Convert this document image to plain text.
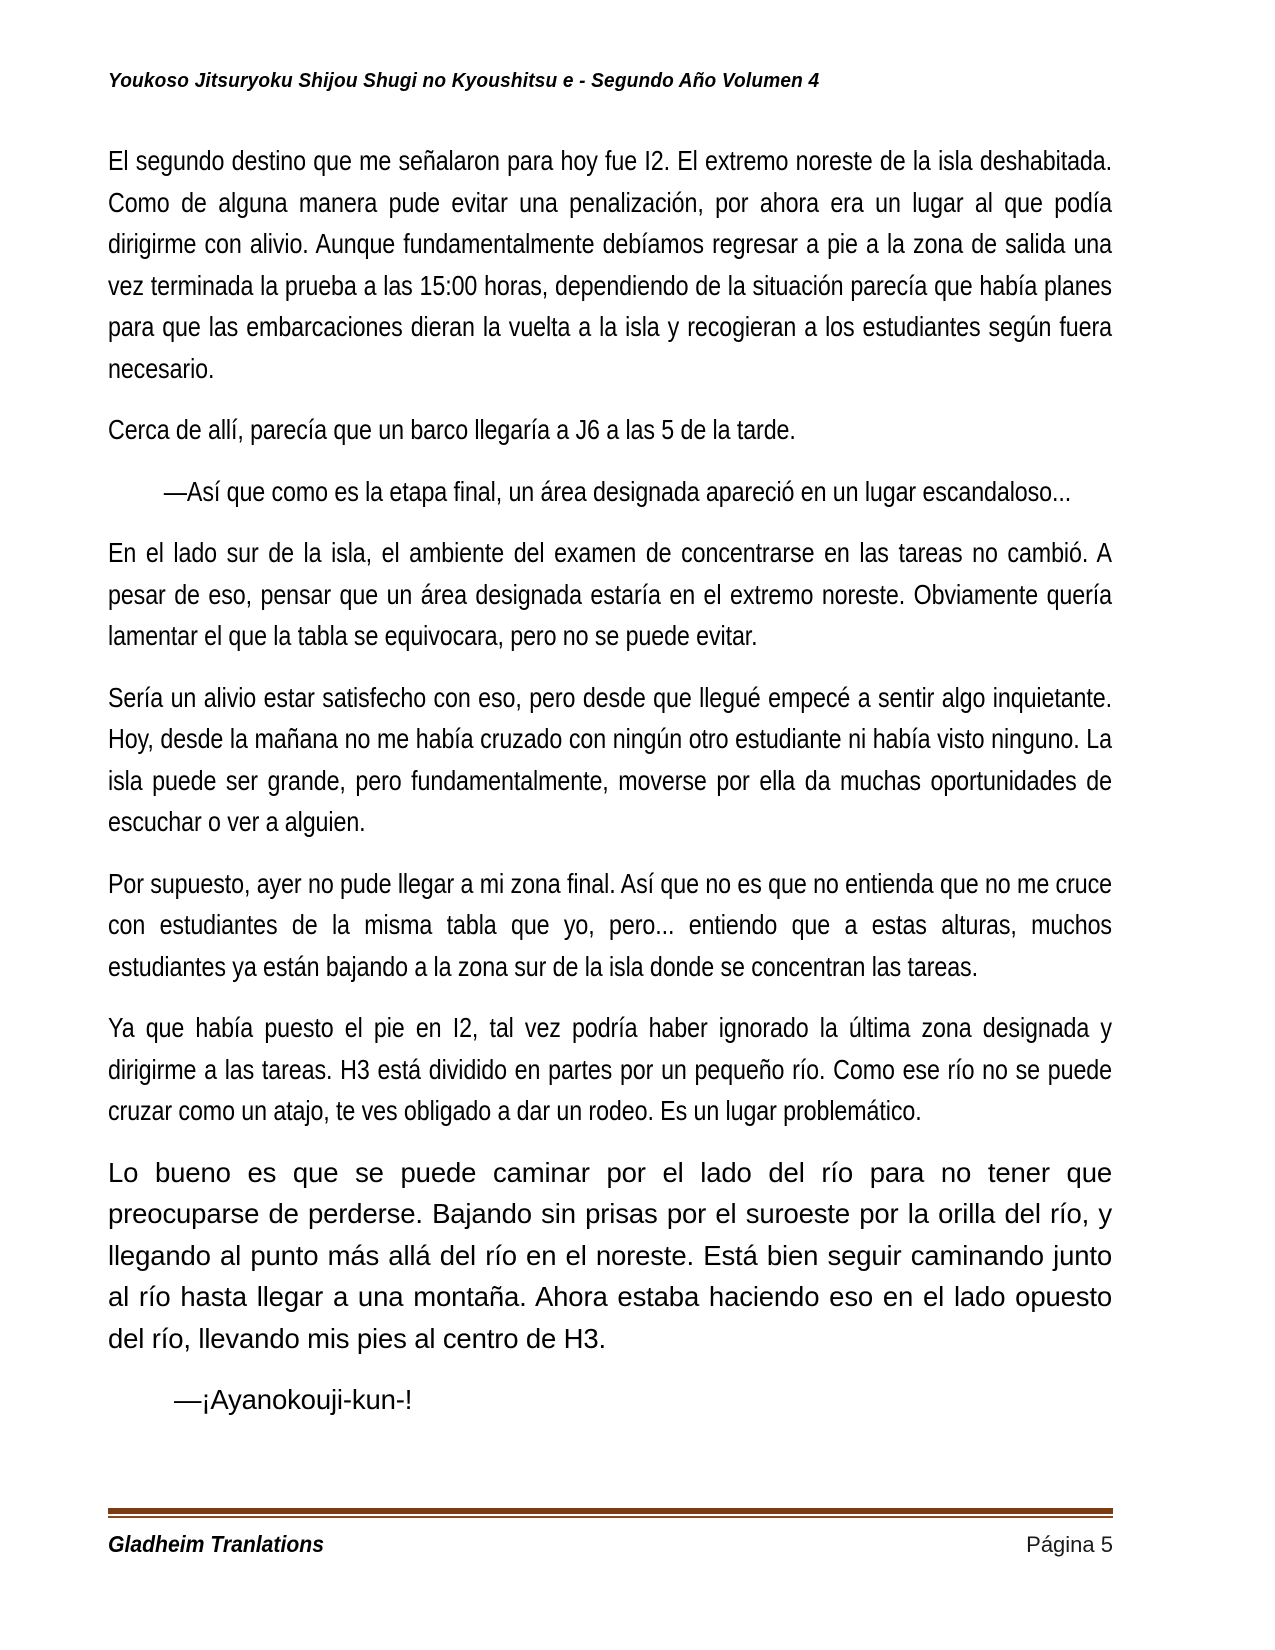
Youkoso Jitsuryoku Shijou Shugi no Kyoushitsu e - Segundo Año Volumen 4

El segundo destino que me señalaron para hoy fue I2. El extremo noreste de la isla deshabitada. Como de alguna manera pude evitar una penalización, por ahora era un lugar al que podía dirigirme con alivio. Aunque fundamentalmente debíamos regresar a pie a la zona de salida una vez terminada la prueba a las 15:00 horas, dependiendo de la situación parecía que había planes para que las embarcaciones dieran la vuelta a la isla y recogieran a los estudiantes según fuera necesario.

Cerca de allí, parecía que un barco llegaría a J6 a las 5 de la tarde.

—Así que como es la etapa final, un área designada apareció en un lugar escandaloso...

En el lado sur de la isla, el ambiente del examen de concentrarse en las tareas no cambió. A pesar de eso, pensar que un área designada estaría en el extremo noreste. Obviamente quería lamentar el que la tabla se equivocara, pero no se puede evitar.

Sería un alivio estar satisfecho con eso, pero desde que llegué empecé a sentir algo inquietante. Hoy, desde la mañana no me había cruzado con ningún otro estudiante ni había visto ninguno. La isla puede ser grande, pero fundamentalmente, moverse por ella da muchas oportunidades de escuchar o ver a alguien.

Por supuesto, ayer no pude llegar a mi zona final. Así que no es que no entienda que no me cruce con estudiantes de la misma tabla que yo, pero... entiendo que a estas alturas, muchos estudiantes ya están bajando a la zona sur de la isla donde se concentran las tareas.

Ya que había puesto el pie en I2, tal vez podría haber ignorado la última zona designada y dirigirme a las tareas. H3 está dividido en partes por un pequeño río. Como ese río no se puede cruzar como un atajo, te ves obligado a dar un rodeo. Es un lugar problemático.

Lo bueno es que se puede caminar por el lado del río para no tener que preocuparse de perderse. Bajando sin prisas por el suroeste por la orilla del río, y llegando al punto más allá del río en el noreste. Está bien seguir caminando junto al río hasta llegar a una montaña. Ahora estaba haciendo eso en el lado opuesto del río, llevando mis pies al centro de H3.

—¡Ayanokouji-kun-!

Gladheim Tranlations	Página 5
